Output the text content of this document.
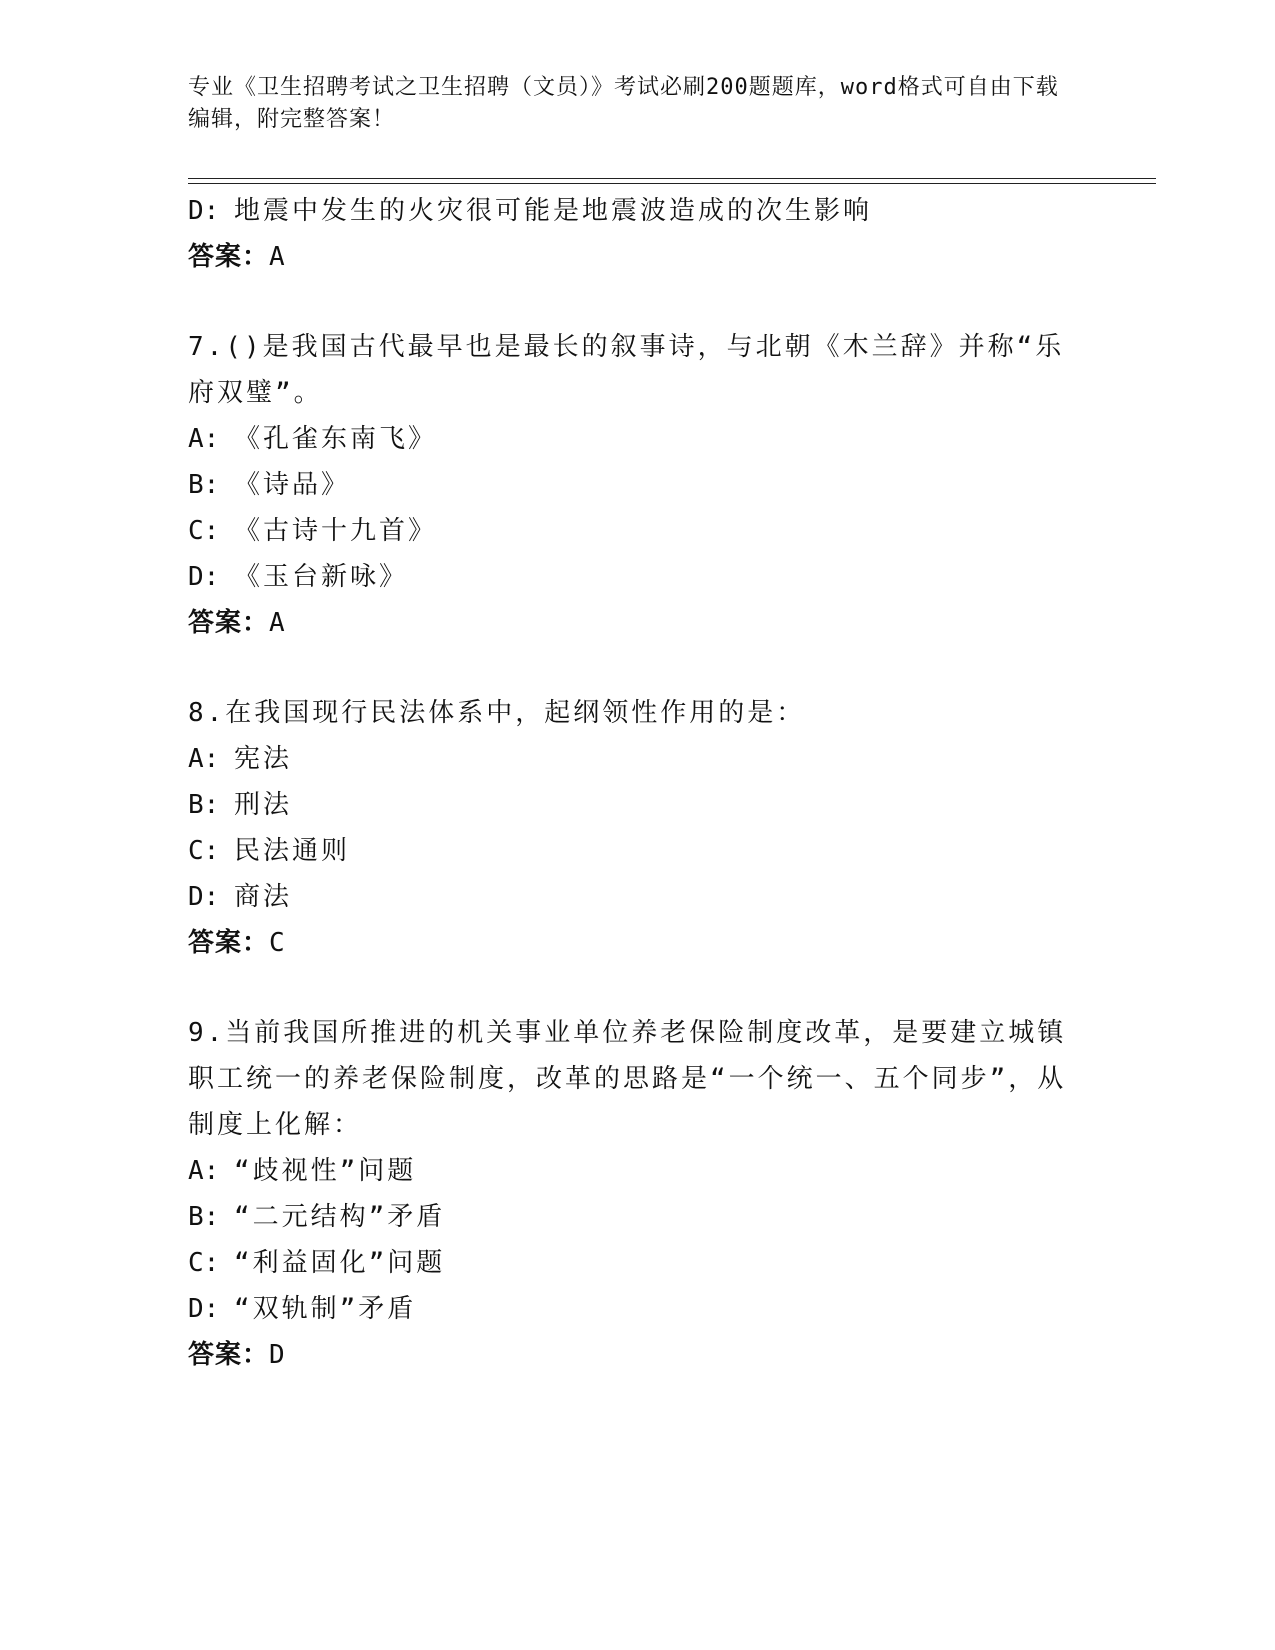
专业《卫生招聘考试之卫生招聘（文员）》考试必刷200题题库，word格式可自由下载编辑，附完整答案！
D: 地震中发生的火灾很可能是地震波造成的次生影响
答案：A
7.()是我国古代最早也是最长的叙事诗，与北朝《木兰辞》并称“乐府双璧”。
A: 《孔雀东南飞》
B: 《诗品》
C: 《古诗十九首》
D: 《玉台新咏》
答案：A
8.在我国现行民法体系中，起纲领性作用的是：
A: 宪法
B: 刑法
C: 民法通则
D: 商法
答案：C
9.当前我国所推进的机关事业单位养老保险制度改革，是要建立城镇职工统一的养老保险制度，改革的思路是“一个统一、五个同步”，从制度上化解：
A: “歧视性”问题
B: “二元结构”矛盾
C: “利益固化”问题
D: “双轨制”矛盾
答案：D
